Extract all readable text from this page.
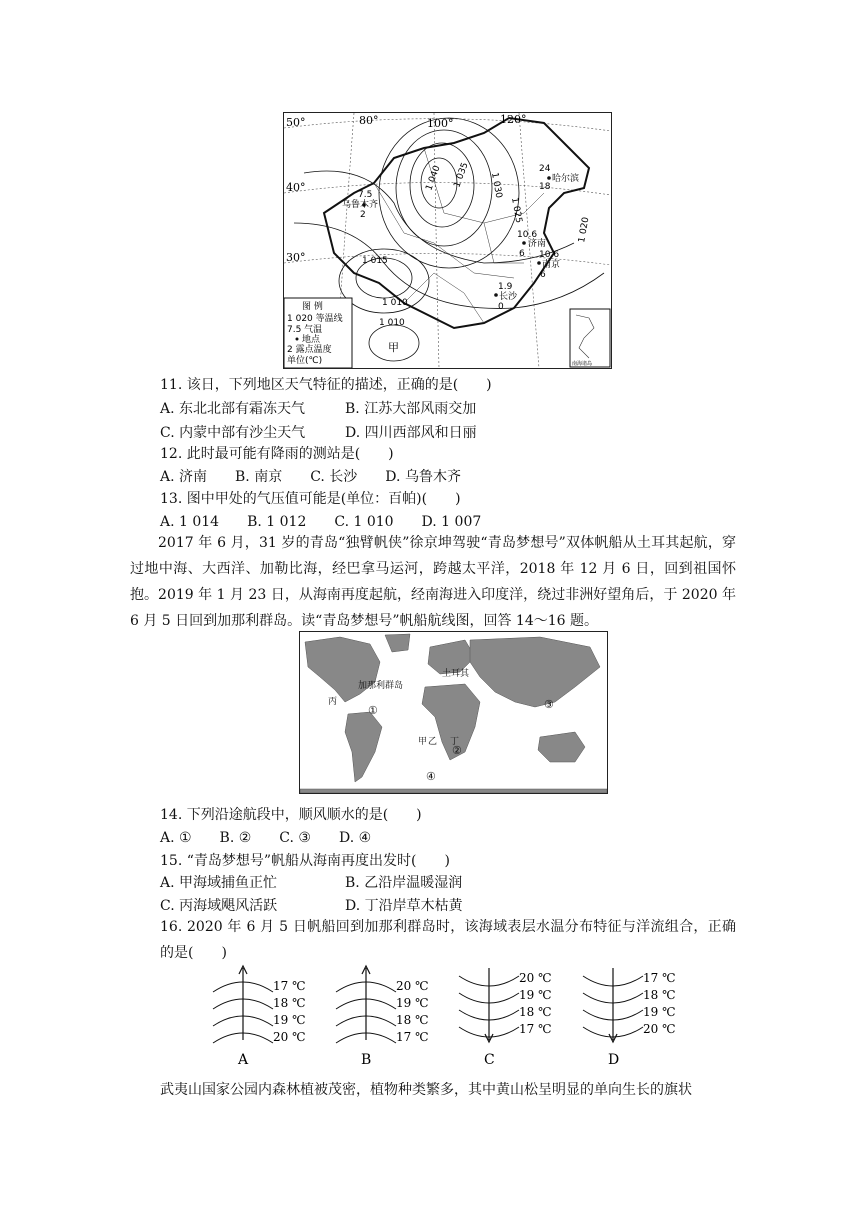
80°	100°	120°
50°
40°
30°
1 040 1 035 1 030
1 025
1 020
1 015
1 010
1 010
24
哈尔滨
18
7.5
乌鲁木齐
2
10.6
济南
6 10.6
南京
6
1.9
长沙
0
甲
图 例
1 020 等温线
7.5 气温
地点
2 露点温度
单位(℃)	南海诸岛
11. 该日，下列地区天气特征的描述，正确的是(　　)
A. 东北北部有霜冻天气	B. 江苏大部风雨交加
C. 内蒙中部有沙尘天气	D. 四川西部风和日丽
12. 此时最可能有降雨的测站是(　　)
A. 济南　　B. 南京　　C. 长沙　　D. 乌鲁木齐
13. 图中甲处的气压值可能是(单位：百帕)(　　)
A. 1 014　　B. 1 012　　C. 1 010　　D. 1 007
2017 年 6 月，31 岁的青岛“独臂帆侠”徐京坤驾驶“青岛梦想号”双体帆船从土耳其起航，穿过地中海、大西洋、加勒比海，经巴拿马运河，跨越太平洋，2018 年 12 月 6 日，回到祖国怀抱。2019 年 1 月 23 日，从海南再度起航，经南海进入印度洋，绕过非洲好望角后，于 2020 年 6 月 5 日回到加那利群岛。读“青岛梦想号”帆船航线图，回答 14～16 题。
加那利群岛
土耳其
丙
甲 乙 丁
①
②
③
④
14. 下列沿途航段中，顺风顺水的是(　　)
A. ①　　B. ②　　C. ③　　D. ④
15. “青岛梦想号”帆船从海南再度出发时(　　)
A. 甲海域捕鱼正忙	B. 乙沿岸温暖湿润
C. 丙海域飓风活跃	D. 丁沿岸草木枯黄
16. 2020 年 6 月 5 日帆船回到加那利群岛时，该海域表层水温分布特征与洋流组合，正确的是(　　)
17 ℃
18 ℃
19 ℃
20 ℃
A
20 ℃
19 ℃
18 ℃
17 ℃
B
20 ℃
19 ℃
18 ℃
17 ℃
C
17 ℃
18 ℃
19 ℃
20 ℃
D
武夷山国家公园内森林植被茂密，植物种类繁多，其中黄山松呈明显的单向生长的旗状
